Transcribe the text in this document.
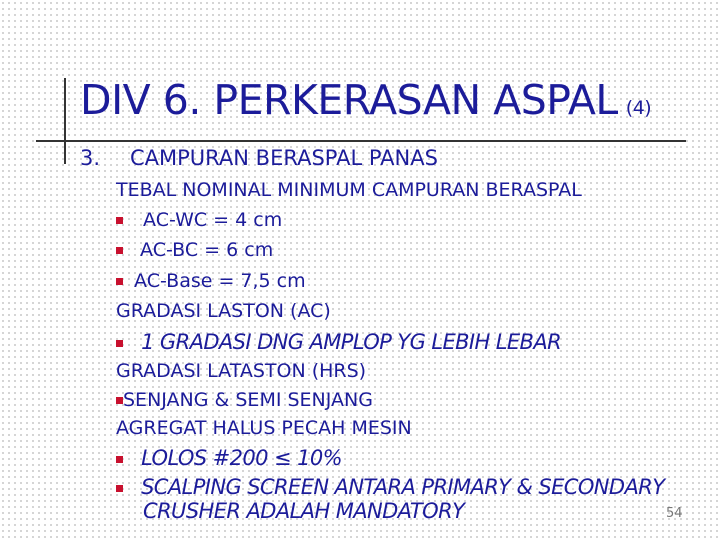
DIV 6. PERKERASAN ASPAL (4)
3. CAMPURAN BERASPAL PANAS
TEBAL NOMINAL MINIMUM CAMPURAN BERASPAL
AC-WC = 4 cm
AC-BC = 6 cm
AC-Base = 7,5 cm
GRADASI LASTON (AC)
1 GRADASI DNG AMPLOP YG LEBIH LEBAR
GRADASI LATASTON (HRS)
SENJANG & SEMI SENJANG
AGREGAT HALUS PECAH MESIN
LOLOS #200 ≤ 10%
SCALPING SCREEN ANTARA PRIMARY & SECONDARY
CRUSHER ADALAH MANDATORY	54
